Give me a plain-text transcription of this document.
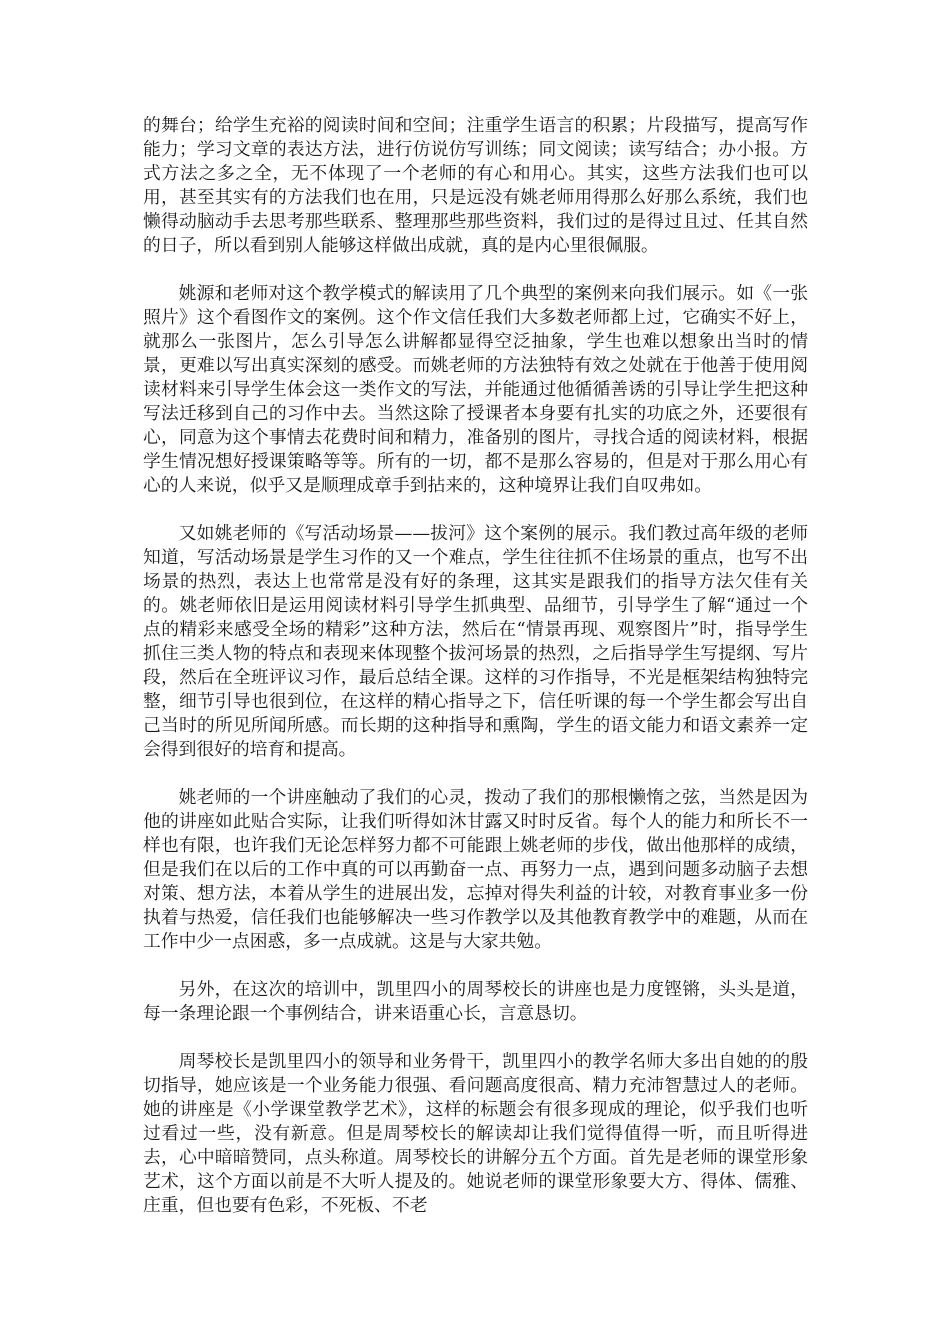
的舞台；给学生充裕的阅读时间和空间；注重学生语言的积累；片段描写，提高写作能力；学习文章的表达方法，进行仿说仿写训练；同文阅读；读写结合；办小报。方式方法之多之全，无不体现了一个老师的有心和用心。其实，这些方法我们也可以用，甚至其实有的方法我们也在用，只是远没有姚老师用得那么好那么系统，我们也懒得动脑动手去思考那些联系、整理那些那些资料，我们过的是得过且过、任其自然的日子，所以看到别人能够这样做出成就，真的是内心里很佩服。

姚源和老师对这个教学模式的解读用了几个典型的案例来向我们展示。如《一张照片》这个看图作文的案例。这个作文信任我们大多数老师都上过，它确实不好上，就那么一张图片，怎么引导怎么讲解都显得空泛抽象，学生也难以想象出当时的情景，更难以写出真实深刻的感受。而姚老师的方法独特有效之处就在于他善于使用阅读材料来引导学生体会这一类作文的写法，并能通过他循循善诱的引导让学生把这种写法迁移到自己的习作中去。当然这除了授课者本身要有扎实的功底之外，还要很有心，同意为这个事情去花费时间和精力，准备别的图片，寻找合适的阅读材料，根据学生情况想好授课策略等等。所有的一切，都不是那么容易的，但是对于那么用心有心的人来说，似乎又是顺理成章手到拈来的，这种境界让我们自叹弗如。

又如姚老师的《写活动场景——拔河》这个案例的展示。我们教过高年级的老师知道，写活动场景是学生习作的又一个难点，学生往往抓不住场景的重点，也写不出场景的热烈，表达上也常常是没有好的条理，这其实是跟我们的指导方法欠佳有关的。姚老师依旧是运用阅读材料引导学生抓典型、品细节，引导学生了解“通过一个点的精彩来感受全场的精彩”这种方法，然后在“情景再现、观察图片”时，指导学生抓住三类人物的特点和表现来体现整个拔河场景的热烈，之后指导学生写提纲、写片段，然后在全班评议习作，最后总结全课。这样的习作指导，不光是框架结构独特完整，细节引导也很到位，在这样的精心指导之下，信任听课的每一个学生都会写出自己当时的所见所闻所感。而长期的这种指导和熏陶，学生的语文能力和语文素养一定会得到很好的培育和提高。

姚老师的一个讲座触动了我们的心灵，拨动了我们的那根懒惰之弦，当然是因为他的讲座如此贴合实际，让我们听得如沐甘露又时时反省。每个人的能力和所长不一样也有限，也许我们无论怎样努力都不可能跟上姚老师的步伐，做出他那样的成绩，但是我们在以后的工作中真的可以再勤奋一点、再努力一点，遇到问题多动脑子去想对策、想方法，本着从学生的进展出发，忘掉对得失利益的计较，对教育事业多一份执着与热爱，信任我们也能够解决一些习作教学以及其他教育教学中的难题，从而在工作中少一点困惑，多一点成就。这是与大家共勉。

另外，在这次的培训中，凯里四小的周琴校长的讲座也是力度铿锵，头头是道，每一条理论跟一个事例结合，讲来语重心长，言意恳切。

周琴校长是凯里四小的领导和业务骨干，凯里四小的教学名师大多出自她的的殷切指导，她应该是一个业务能力很强、看问题高度很高、精力充沛智慧过人的老师。她的讲座是《小学课堂教学艺术》，这样的标题会有很多现成的理论，似乎我们也听过看过一些，没有新意。但是周琴校长的解读却让我们觉得值得一听，而且听得进去，心中暗暗赞同，点头称道。周琴校长的讲解分五个方面。首先是老师的课堂形象艺术，这个方面以前是不大听人提及的。她说老师的课堂形象要大方、得体、儒雅、庄重，但也要有色彩，不死板、不老
